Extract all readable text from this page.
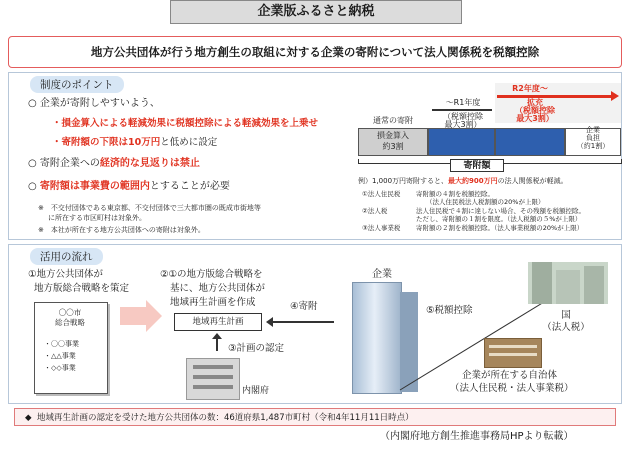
企業版ふるさと納税
地方公共団体が行う地方創生の取組に対する企業の寄附について法人関係税を税額控除
制度のポイント
○ 企業が寄附しやすいよう、
・損金算入による軽減効果に税額控除による軽減効果を上乗せ
・寄附額の下限は10万円と低めに設定
○ 寄附企業への経済的な見返りは禁止
○ 寄附額は事業費の範囲内とすることが必要
※　不交付団体である東京都、不交付団体で三大都市圏の既成市街地等
に所在する市区町村は対象外。
※　本社が所在する地方公共団体への寄附は対象外。
R2年度～
拡充
（税額控除
最大3割）
通常の寄附
～R1年度
（税額控除
最大3割）
損金算入
約3割
企業
負担
（約1割）
寄附額
例）1,000万円寄附すると、最大約900万円の法人関係税が軽減。
①法人住民税 寄附額の４割を税額控除。
（法人住民税法人税割額の20%が上限）
②法人税	法人住民税で４割に達しない場合、その残額を税額控除。
ただし、寄附額の１割を限度。（法人税額の５%が上限）
③法人事業税 寄附額の２割を税額控除。（法人事業税額の20%が上限）
活用の流れ
①地方公共団体が
地方版総合戦略を策定
〇〇市
総合戦略
・〇〇事業
・△△事業
・◇◇事業
②①の地方版総合戦略を
基に、地方公共団体が
地域再生計画を作成
地域再生計画
③計画の認定
内閣府
④寄附
企業
⑤税額控除	国
（法人税）
企業が所在する自治体
（法人住民税・法人事業税）
◆ 地域再生計画の認定を受けた地方公共団体の数：46道府県1,487市町村（令和4年11月11日時点）
（内閣府地方創生推進事務局HPより転載）
